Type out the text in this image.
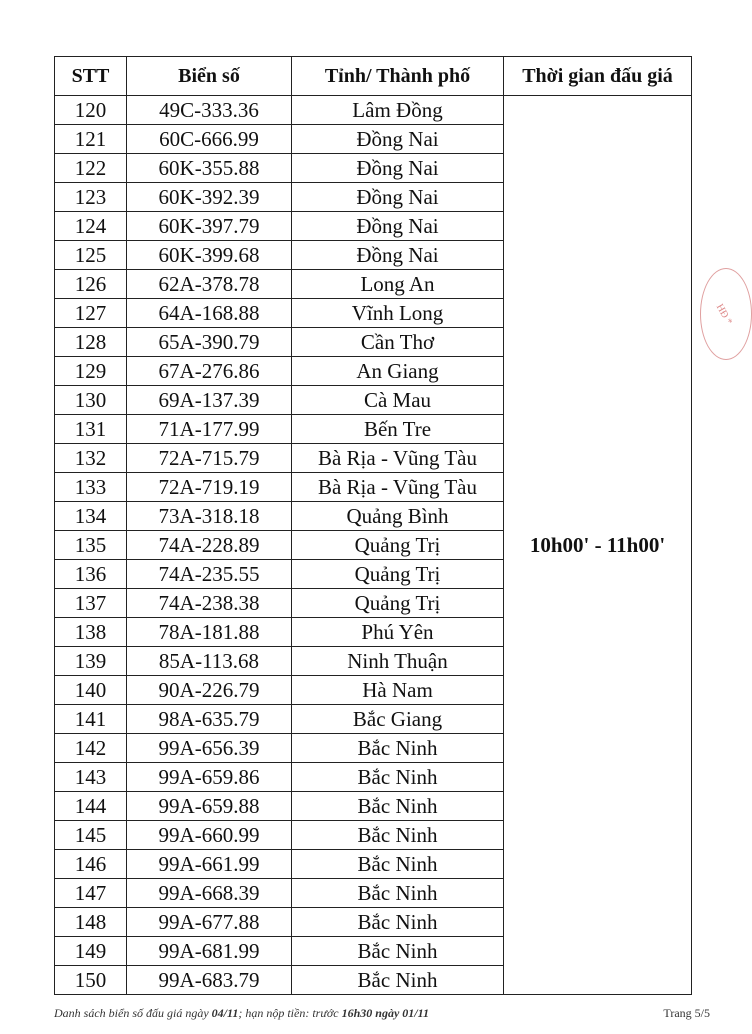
STT	Biển số	Tỉnh/ Thành phố	Thời gian đấu giá
120	49C-333.36	Lâm Đồng	10h00' - 11h00'
121	60C-666.99	Đồng Nai	
122	60K-355.88	Đồng Nai	
123	60K-392.39	Đồng Nai	
124	60K-397.79	Đồng Nai	
125	60K-399.68	Đồng Nai	
126	62A-378.78	Long An	
127	64A-168.88	Vĩnh Long	
128	65A-390.79	Cần Thơ	
129	67A-276.86	An Giang	
130	69A-137.39	Cà Mau	
131	71A-177.99	Bến Tre	
132	72A-715.79	Bà Rịa - Vũng Tàu	
133	72A-719.19	Bà Rịa - Vũng Tàu	
134	73A-318.18	Quảng Bình	
135	74A-228.89	Quảng Trị	
136	74A-235.55	Quảng Trị	
137	74A-238.38	Quảng Trị	
138	78A-181.88	Phú Yên	
139	85A-113.68	Ninh Thuận	
140	90A-226.79	Hà Nam	
141	98A-635.79	Bắc Giang	
142	99A-656.39	Bắc Ninh	
143	99A-659.86	Bắc Ninh	
144	99A-659.88	Bắc Ninh	
145	99A-660.99	Bắc Ninh	
146	99A-661.99	Bắc Ninh	
147	99A-668.39	Bắc Ninh	
148	99A-677.88	Bắc Ninh	
149	99A-681.99	Bắc Ninh	
150	99A-683.79	Bắc Ninh	
Danh sách biển số đấu giá ngày 04/11; hạn nộp tiền: trước 16h30 ngày 01/11	Trang 5/5
HĐ *
